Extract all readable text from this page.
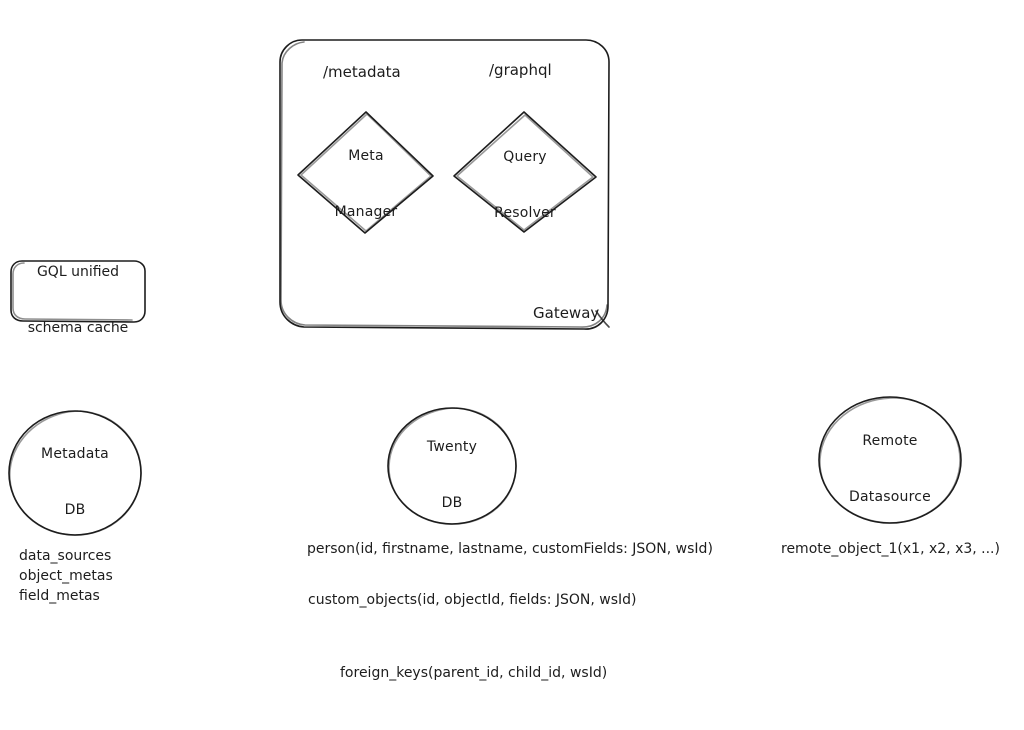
/metadata	/graphql

Meta

Manager

Query

Resolver

Gateway

GQL unified

schema cache

Metadata

DB

Twenty

DB

Remote

Datasource

data_sources
object_metas
field_metas
person(id, firstname, lastname, customFields: JSON, wsId)
custom_objects(id, objectId, fields: JSON, wsId)
foreign_keys(parent_id, child_id, wsId)
remote_object_1(x1, x2, x3, ...)
